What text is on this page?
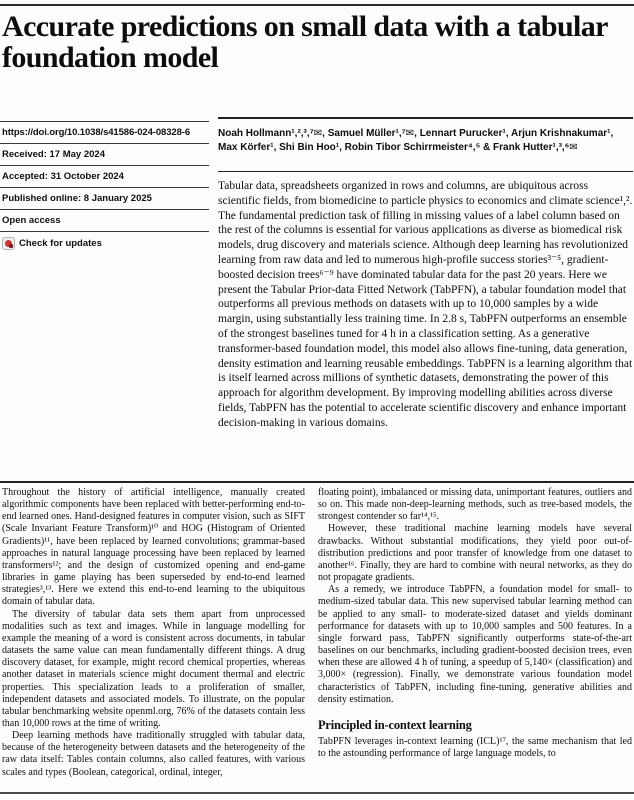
Accurate predictions on small data with a tabular foundation model
https://doi.org/10.1038/s41586-024-08328-6
Received: 17 May 2024
Accepted: 31 October 2024
Published online: 8 January 2025
Open access
Check for updates
Noah Hollmann¹,²,³,⁷✉, Samuel Müller¹,⁷✉, Lennart Purucker¹, Arjun Krishnakumar¹, Max Körfer¹, Shi Bin Hoo¹, Robin Tibor Schirrmeister⁴,⁵ & Frank Hutter¹,³,⁶✉
Tabular data, spreadsheets organized in rows and columns, are ubiquitous across scientific fields, from biomedicine to particle physics to economics and climate science¹,². The fundamental prediction task of filling in missing values of a label column based on the rest of the columns is essential for various applications as diverse as biomedical risk models, drug discovery and materials science. Although deep learning has revolutionized learning from raw data and led to numerous high-profile success stories³⁻⁵, gradient-boosted decision trees⁶⁻⁹ have dominated tabular data for the past 20 years. Here we present the Tabular Prior-data Fitted Network (TabPFN), a tabular foundation model that outperforms all previous methods on datasets with up to 10,000 samples by a wide margin, using substantially less training time. In 2.8 s, TabPFN outperforms an ensemble of the strongest baselines tuned for 4 h in a classification setting. As a generative transformer-based foundation model, this model also allows fine-tuning, data generation, density estimation and learning reusable embeddings. TabPFN is a learning algorithm that is itself learned across millions of synthetic datasets, demonstrating the power of this approach for algorithm development. By improving modelling abilities across diverse fields, TabPFN has the potential to accelerate scientific discovery and enhance important decision-making in various domains.

Throughout the history of artificial intelligence, manually created algorithmic components have been replaced with better-performing end-to-end learned ones. Hand-designed features in computer vision, such as SIFT (Scale Invariant Feature Transform)¹⁰ and HOG (Histogram of Oriented Gradients)¹¹, have been replaced by learned convolutions; grammar-based approaches in natural language processing have been replaced by learned transformers¹²; and the design of customized opening and end-game libraries in game playing has been superseded by end-to-end learned strategies³,¹³. Here we extend this end-to-end learning to the ubiquitous domain of tabular data.

The diversity of tabular data sets them apart from unprocessed modalities such as text and images. While in language modelling for example the meaning of a word is consistent across documents, in tabular datasets the same value can mean fundamentally different things. A drug discovery dataset, for example, might record chemical properties, whereas another dataset in materials science might document thermal and electric properties. This specialization leads to a proliferation of smaller, independent datasets and associated models. To illustrate, on the popular tabular benchmarking website openml.org, 76% of the datasets contain less than 10,000 rows at the time of writing.

Deep learning methods have traditionally struggled with tabular data, because of the heterogeneity between datasets and the heterogeneity of the raw data itself: Tables contain columns, also called features, with various scales and types (Boolean, categorical, ordinal, integer,

floating point), imbalanced or missing data, unimportant features, outliers and so on. This made non-deep-learning methods, such as tree-based models, the strongest contender so far¹⁴,¹⁵.

However, these traditional machine learning models have several drawbacks. Without substantial modifications, they yield poor out-of-distribution predictions and poor transfer of knowledge from one dataset to another¹⁶. Finally, they are hard to combine with neural networks, as they do not propagate gradients.

As a remedy, we introduce TabPFN, a foundation model for small- to medium-sized tabular data. This new supervised tabular learning method can be applied to any small- to moderate-sized dataset and yields dominant performance for datasets with up to 10,000 samples and 500 features. In a single forward pass, TabPFN significantly outperforms state-of-the-art baselines on our benchmarks, including gradient-boosted decision trees, even when these are allowed 4 h of tuning, a speedup of 5,140× (classification) and 3,000× (regression). Finally, we demonstrate various foundation model characteristics of TabPFN, including fine-tuning, generative abilities and density estimation.

Principled in-context learning

TabPFN leverages in-context learning (ICL)¹⁷, the same mechanism that led to the astounding performance of large language models, to
